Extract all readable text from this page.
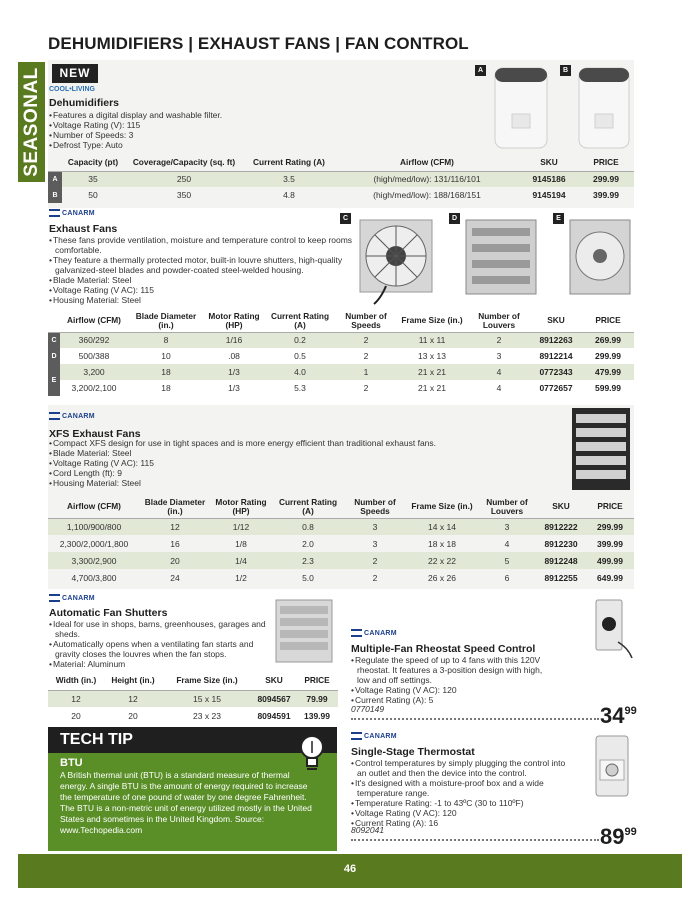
DEHUMIDIFIERS | EXHAUST FANS | FAN CONTROL
SEASONAL	NEW
COOL•LIVING
Dehumidifiers
• Features a digital display and washable filter.
• Voltage Rating (V): 115
• Number of Speeds: 3
• Defrost Type: Auto
A	B
	Capacity (pt)	Coverage/Capacity (sq. ft)	Current Rating (A)	Airflow (CFM)	SKU	PRICE
A	35	250	3.5	(high/med/low): 131/116/101	9145186	299.99
B	50	350	4.8	(high/med/low): 188/168/151	9145194	399.99
CANARM
Exhaust Fans
• These fans provide ventilation, moisture and temperature control to keep rooms comfortable.
• They feature a thermally protected motor, built-in louvre shutters, high-quality galvanized-steel blades and powder-coated steel-welded housing.
• Blade Material: Steel
• Voltage Rating (V AC): 115
• Housing Material: Steel
C	D	E
	Airflow (CFM)	Blade Diameter (in.)	Motor Rating (HP)	Current Rating (A)	Number of Speeds	Frame Size (in.)	Number of Louvers	SKU	PRICE
C	360/292	8	1/16	0.2	2	11 x 11	2	8912263	269.99
D	500/388	10	.08	0.5	2	13 x 13	3	8912214	299.99
E	3,200	18	1/3	4.0	1	21 x 21	4	0772343	479.99
	3,200/2,100	18	1/3	5.3	2	21 x 21	4	0772657	599.99
CANARM
XFS Exhaust Fans
• Compact XFS design for use in tight spaces and is more energy efficient than traditional exhaust fans.
• Blade Material: Steel
• Voltage Rating (V AC): 115
• Cord Length (ft): 9
• Housing Material: Steel
Airflow (CFM)	Blade Diameter (in.)	Motor Rating (HP)	Current Rating (A)	Number of Speeds	Frame Size (in.)	Number of Louvers	SKU	PRICE
1,100/900/800	12	1/12	0.8	3	14 x 14	3	8912222	299.99
2,300/2,000/1,800	16	1/8	2.0	3	18 x 18	4	8912230	399.99
3,300/2,900	20	1/4	2.3	2	22 x 22	5	8912248	499.99
4,700/3,800	24	1/2	5.0	2	26 x 26	6	8912255	649.99
CANARM
Automatic Fan Shutters
• Ideal for use in shops, barns, greenhouses, garages and sheds.
• Automatically opens when a ventilating fan starts and gravity closes the louvres when the fan stops.
• Material: Aluminum
Width (in.)	Height (in.)	Frame Size (in.)	SKU	PRICE
12	12	15 x 15	8094567	79.99
20	20	23 x 23	8094591	139.99
TECH TIP
BTU
A British thermal unit (BTU) is a standard measure of thermal energy. A single BTU is the amount of energy required to increase the temperature of one pound of water by one degree Fahrenheit. The BTU is a non-metric unit of energy utilized mostly in the United States and sometimes in the United Kingdom. Source: www.Techopedia.com
CANARM
Multiple-Fan Rheostat Speed Control
• Regulate the speed of up to 4 fans with this 120V rheostat. It features a 3-position design with high, low and off settings.
• Voltage Rating (V AC): 120
• Current Rating (A): 5
0770149	$34^{99}$
CANARM
Single-Stage Thermostat
• Control temperatures by simply plugging the control into an outlet and then the device into the control.
• It's designed with a moisture-proof box and a wide temperature range.
• Temperature Rating: -1 to 43ºC (30 to 110ºF)
• Voltage Rating (V AC): 120
• Current Rating (A): 16
8092041	$89^{99}$
46
